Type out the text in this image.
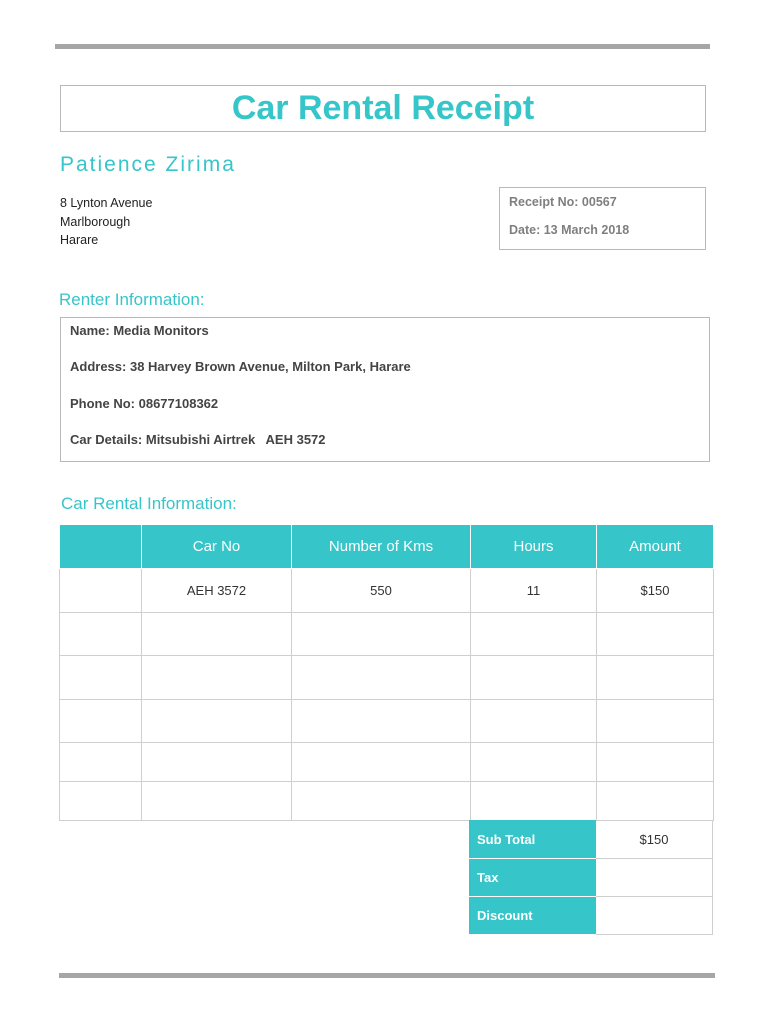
Car Rental Receipt
Patience Zirima
8 Lynton Avenue
Marlborough
Harare
Receipt No: 00567
Date: 13 March 2018
Renter Information:
Name: Media Monitors
Address: 38 Harvey Brown Avenue, Milton Park, Harare
Phone No: 08677108362
Car Details: Mitsubishi Airtrek   AEH 3572
Car Rental Information:
	Car No	Number of Kms	Hours	Amount
	AEH 3572	550	11	$150

Sub Total	$150
Tax	
Discount	
